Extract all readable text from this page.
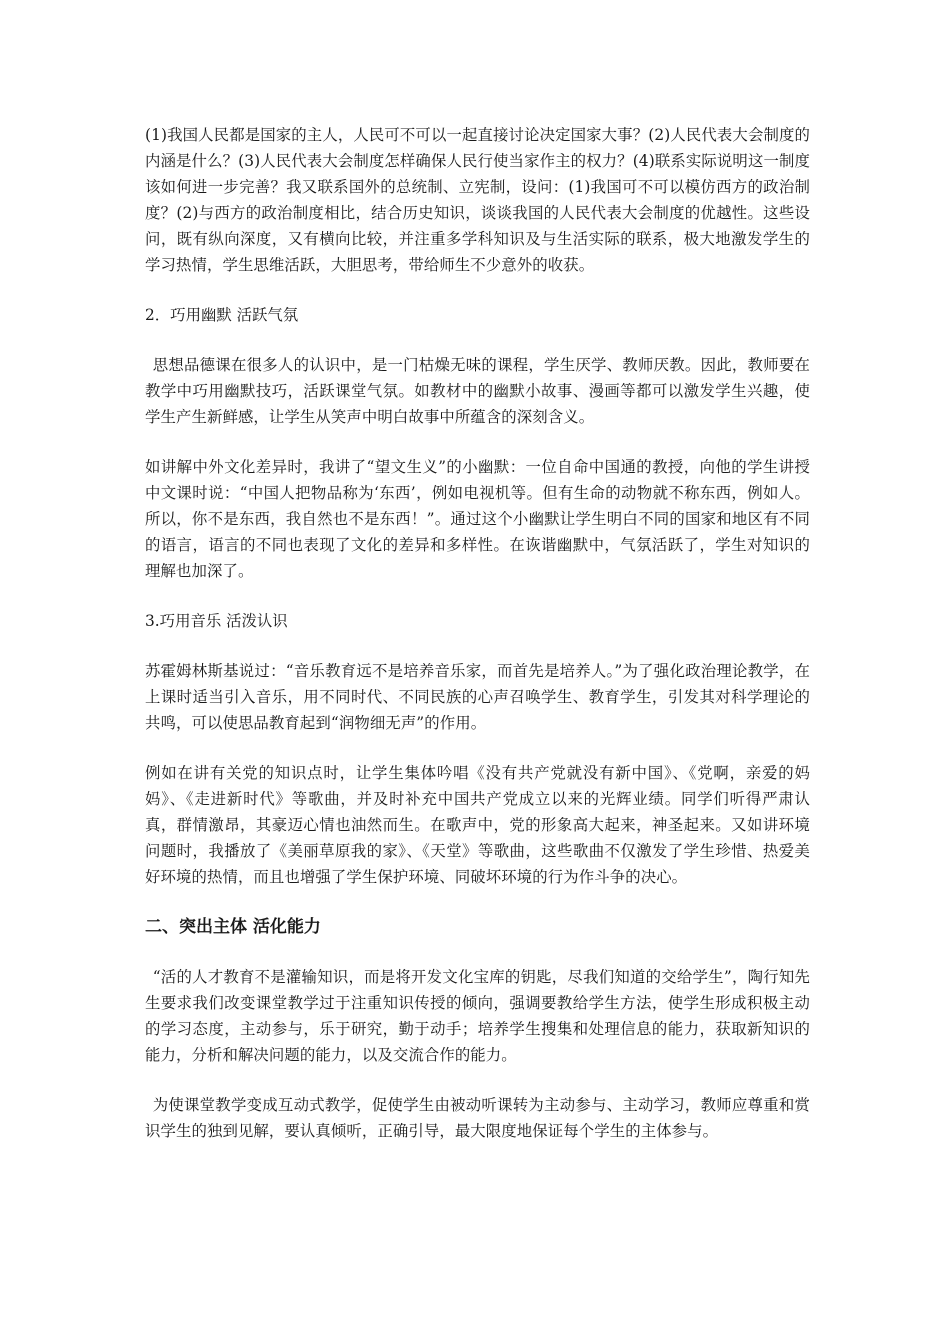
(1)我国人民都是国家的主人，人民可不可以一起直接讨论决定国家大事？(2)人民代表大会制度的内涵是什么？(3)人民代表大会制度怎样确保人民行使当家作主的权力？(4)联系实际说明这一制度该如何进一步完善？我又联系国外的总统制、立宪制，设问：(1)我国可不可以模仿西方的政治制度？(2)与西方的政治制度相比，结合历史知识，谈谈我国的人民代表大会制度的优越性。这些设问，既有纵向深度，又有横向比较，并注重多学科知识及与生活实际的联系，极大地激发学生的学习热情，学生思维活跃，大胆思考，带给师生不少意外的收获。

2．巧用幽默 活跃气氛

思想品德课在很多人的认识中，是一门枯燥无味的课程，学生厌学、教师厌教。因此，教师要在教学中巧用幽默技巧，活跃课堂气氛。如教材中的幽默小故事、漫画等都可以激发学生兴趣，使学生产生新鲜感，让学生从笑声中明白故事中所蕴含的深刻含义。

如讲解中外文化差异时，我讲了“望文生义”的小幽默：一位自命中国通的教授，向他的学生讲授中文课时说：“中国人把物品称为‘东西’，例如电视机等。但有生命的动物就不称东西，例如人。所以，你不是东西，我自然也不是东西！”。通过这个小幽默让学生明白不同的国家和地区有不同的语言，语言的不同也表现了文化的差异和多样性。在诙谐幽默中，气氛活跃了，学生对知识的理解也加深了。

3.巧用音乐 活泼认识

苏霍姆林斯基说过：“音乐教育远不是培养音乐家，而首先是培养人。”为了强化政治理论教学，在上课时适当引入音乐，用不同时代、不同民族的心声召唤学生、教育学生，引发其对科学理论的共鸣，可以使思品教育起到“润物细无声”的作用。

例如在讲有关党的知识点时，让学生集体吟唱《没有共产党就没有新中国》、《党啊，亲爱的妈妈》、《走进新时代》等歌曲，并及时补充中国共产党成立以来的光辉业绩。同学们听得严肃认真，群情激昂，其豪迈心情也油然而生。在歌声中，党的形象高大起来，神圣起来。又如讲环境问题时，我播放了《美丽草原我的家》、《天堂》等歌曲，这些歌曲不仅激发了学生珍惜、热爱美好环境的热情，而且也增强了学生保护环境、同破坏环境的行为作斗争的决心。

二、突出主体 活化能力

“活的人才教育不是灌输知识，而是将开发文化宝库的钥匙，尽我们知道的交给学生”，陶行知先生要求我们改变课堂教学过于注重知识传授的倾向，强调要教给学生方法，使学生形成积极主动的学习态度，主动参与，乐于研究，勤于动手；培养学生搜集和处理信息的能力，获取新知识的能力，分析和解决问题的能力，以及交流合作的能力。

为使课堂教学变成互动式教学，促使学生由被动听课转为主动参与、主动学习，教师应尊重和赏识学生的独到见解，要认真倾听，正确引导，最大限度地保证每个学生的主体参与。
